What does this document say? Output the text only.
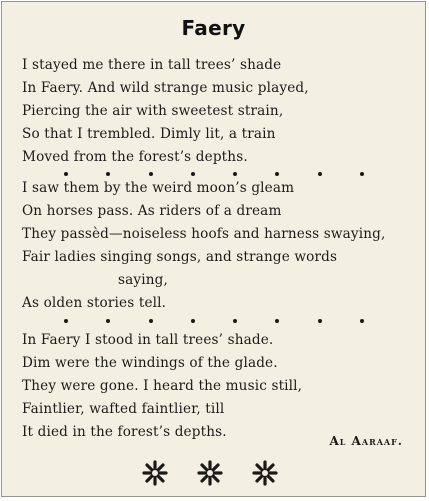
Faery
I stayed me there in tall trees’ shade
In Faery. And wild strange music played,
Piercing the air with sweetest strain,
So that I trembled. Dimly lit, a train
Moved from the forest’s depths.
I saw them by the weird moon’s gleam
On horses pass. As riders of a dream
They passèd—noiseless hoofs and harness swaying,
Fair ladies singing songs, and strange words
saying,
As olden stories tell.
In Faery I stood in tall trees’ shade.
Dim were the windings of the glade.
They were gone. I heard the music still,
Faintlier, wafted faintlier, till
It died in the forest’s depths.
Al Aaraaf.
